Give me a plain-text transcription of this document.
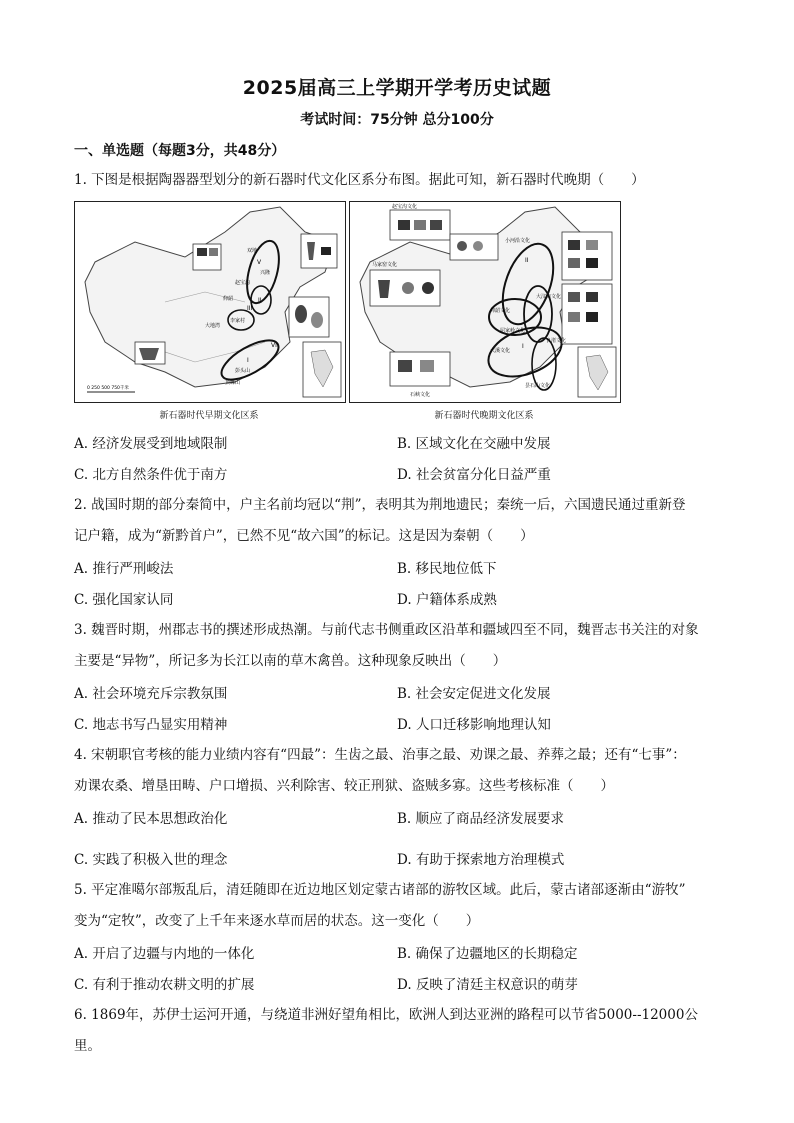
2025届高三上学期开学考历史试题
考试时间：75分钟 总分100分
一、单选题（每题3分，共48分）
1. 下图是根据陶器器型划分的新石器时代文化区系分布图。据此可知，新石器时代晚期（　　）
V
双地
兴隆
赵宝沟
II
仰韶
III
李家村
大地湾
I
彭头山
顶蛳山
VII
0 250 500 750千米
新石器时代早期文化区系
赵宝沟文化
II
大汶口文化
I
大溪文化
良渚文化
小河沿文化
马家窑文化
仰韶文化
屈家岭文化
石峡文化
昙石山文化
新石器时代晚期文化区系
A. 经济发展受到地域限制	B. 区域文化在交融中发展
C. 北方自然条件优于南方	D. 社会贫富分化日益严重
2. 战国时期的部分秦简中，户主名前均冠以“荆”，表明其为荆地遗民；秦统一后，六国遗民通过重新登
记户籍，成为“新黔首户”，已然不见“故六国”的标记。这是因为秦朝（　　）
A. 推行严刑峻法	B. 移民地位低下
C. 强化国家认同	D. 户籍体系成熟
3. 魏晋时期，州郡志书的撰述形成热潮。与前代志书侧重政区沿革和疆域四至不同，魏晋志书关注的对象
主要是“异物”，所记多为长江以南的草木禽兽。这种现象反映出（　　）
A. 社会环境充斥宗教氛围	B. 社会安定促进文化发展
C. 地志书写凸显实用精神	D. 人口迁移影响地理认知
4. 宋朝职官考核的能力业绩内容有“四最”：生齿之最、治事之最、劝课之最、养葬之最；还有“七事”：
劝课农桑、增垦田畴、户口增损、兴利除害、较正刑狱、盗贼多寡。这些考核标准（　　）
A. 推动了民本思想政治化	B. 顺应了商品经济发展要求
C. 实践了积极入世的理念	D. 有助于探索地方治理模式
5. 平定准噶尔部叛乱后，清廷随即在近边地区划定蒙古诸部的游牧区域。此后，蒙古诸部逐渐由“游牧”
变为“定牧”，改变了上千年来逐水草而居的状态。这一变化（　　）
A. 开启了边疆与内地的一体化	B. 确保了边疆地区的长期稳定
C. 有利于推动农耕文明的扩展	D. 反映了清廷主权意识的萌芽
6. 1869年，苏伊士运河开通，与绕道非洲好望角相比，欧洲人到达亚洲的路程可以节省5000--12000公里。
